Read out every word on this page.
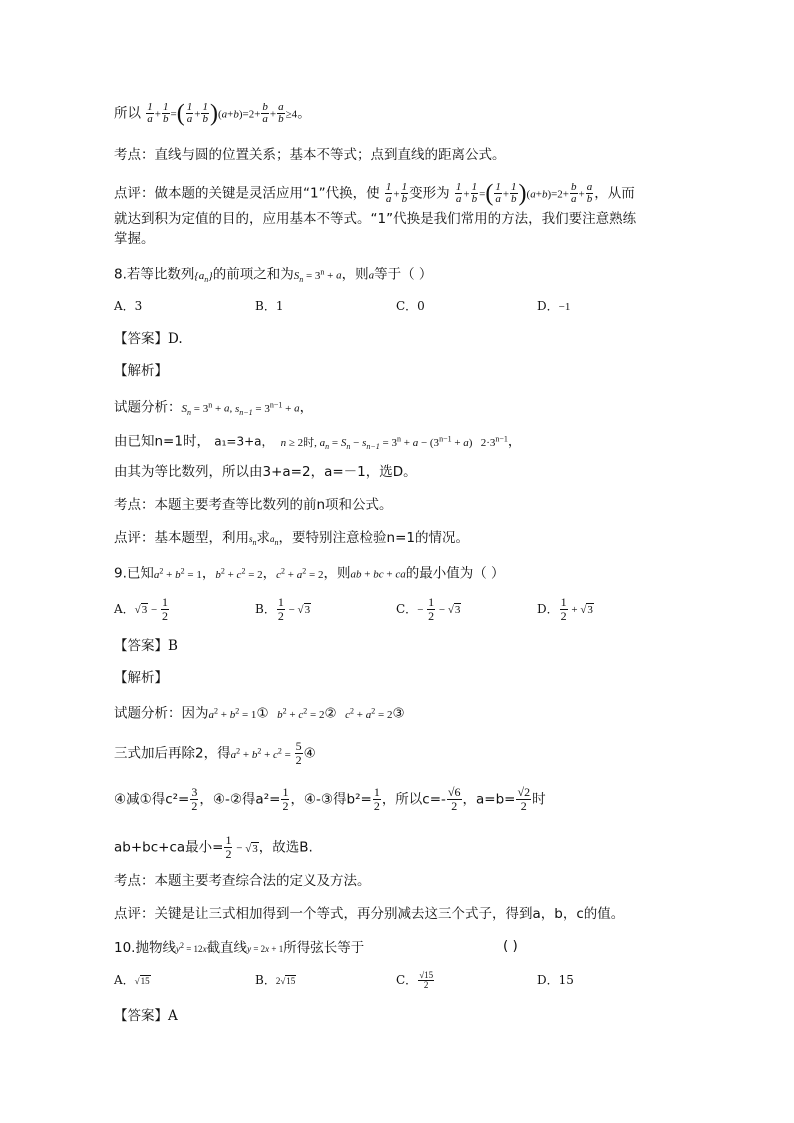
所以 $\frac{1}{a} + \frac{1}{b}$ =( $\frac{1}{a} + \frac{1}{b} )(a+b)=2+ \frac{b}{a} + \frac{a}{b} \ge 4$。
考点：直线与圆的位置关系；基本不等式；点到直线的距离公式。
点评：做本题的关键是灵活应用“1”代换，使 $\frac{1}{a} + \frac{1}{b}$ 变形为 $\frac{1}{a} + \frac{1}{b}$ =( $\frac{1}{a} + \frac{1}{b} )(a+b)=2+ \frac{b}{a} + \frac{a}{b}$ ，从而
就达到积为定值的目的，应用基本不等式。“1”代换是我们常用的方法，我们要注意熟练
掌握。
8.若等比数列$\{a_n\}$的前项之和为$S_n = 3^n + a$，则a等于（ ）
A．3	B．1	C．0	D．−1
【答案】D.
【解析】
试题分析：$S_n = 3^n + a$, $s_{n-1} = 3^{n-1} + a$，
由已知n=1时， a₁=3+a， n ≥ 2时, $a_n = S_n - s_{n-1} = 3^n + a - (3^{n-1} + a)$   $2\cdot 3^{n-1}$，
由其为等比数列，所以由3+a=2，a=－1，选D。
考点：本题主要考查等比数列的前n项和公式。
点评：基本题型，利用$s_n$求$a_n$，要特别注意检验n=1的情况。
9.已知$a^2 + b^2 = 1$，$b^2 + c^2 = 2$，$c^2 + a^2 = 2$，则ab + bc + ca的最小值为（ ）
A．$√3 - \frac{1}{2}$	B． $\frac{1}{2} - √3$	C．− $\frac{1}{2} - √3$	D． $\frac{1}{2} + √3$
【答案】B
【解析】
试题分析：因为$a^2 + b^2$ = 1①  $b^2 + c^2$ = 2②  $c^2 + a^2$ = 2③
三式加后再除2，得$a^2 + b^2 + c^2 = \frac{5}{2}$ ④
④减①得$c^2= \frac{3}{2}$ ，④-②得$a^2= \frac{1}{2}$ ，④-③得$b^2= \frac{1}{2}$ ，所以$c=- \frac{√6}{2}$ ，$a=b= \frac{√2}{2}$ 时
ab+bc+ca最小= $\frac{1}{2} - √3$，故选B.
考点：本题主要考查综合法的定义及方法。
点评：关键是让三式相加得到一个等式，再分别减去这三个式子，得到a，b，c的值。
10.抛物线$y^2 = 12x$截直线y = 2x + 1所得弦长等于	( )
A．√15	B．2√15	C． $\frac{√15}{2}$	D．15
【答案】A
